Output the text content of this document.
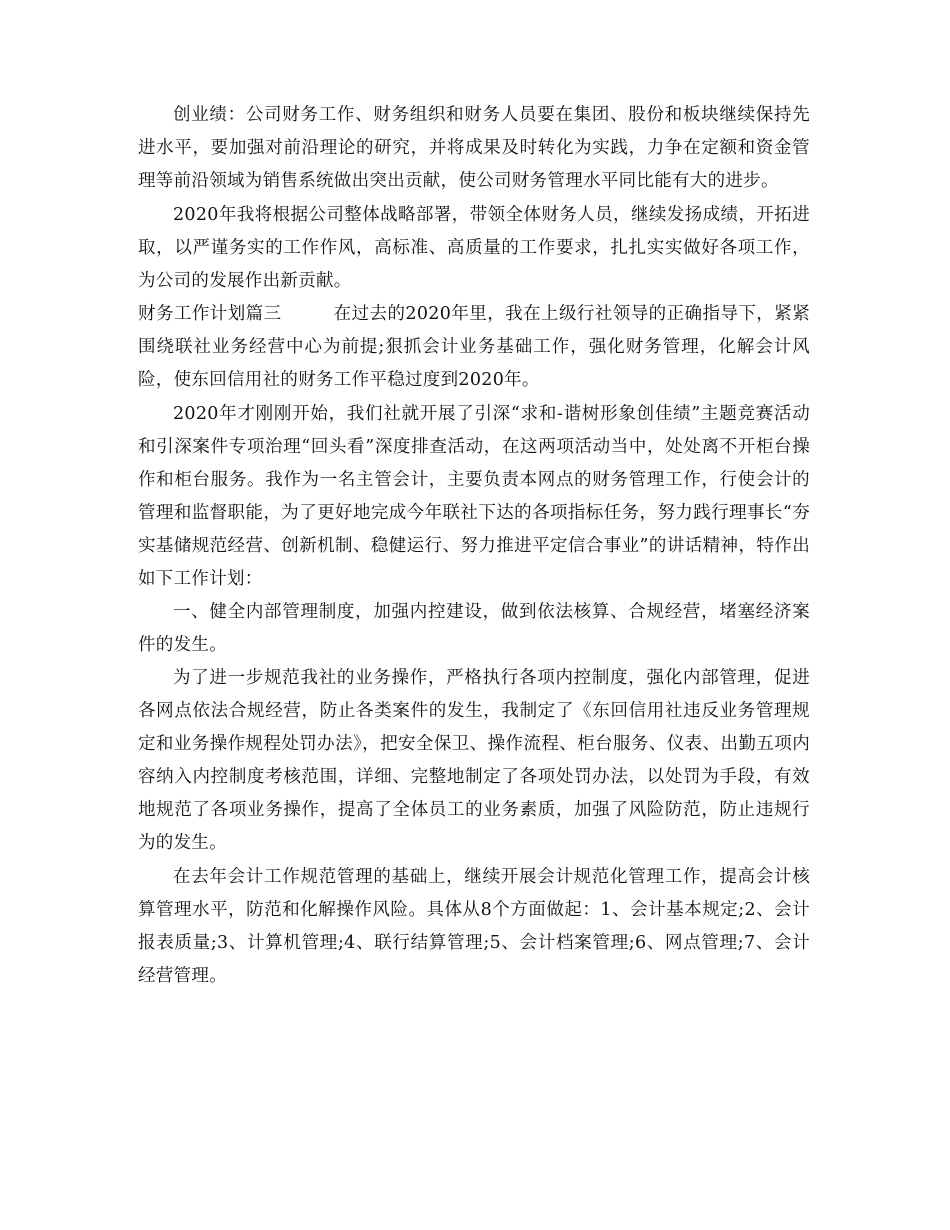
创业绩：公司财务工作、财务组织和财务人员要在集团、股份和板块继续保持先进水平，要加强对前沿理论的研究，并将成果及时转化为实践，力争在定额和资金管理等前沿领域为销售系统做出突出贡献，使公司财务管理水平同比能有大的进步。

2020年我将根据公司整体战略部署，带领全体财务人员，继续发扬成绩，开拓进取，以严谨务实的工作作风，高标准、高质量的工作要求，扎扎实实做好各项工作，为公司的发展作出新贡献。

财务工作计划篇三	在过去的2020年里，我在上级行社领导的正确指导下，紧紧围绕联社业务经营中心为前提;狠抓会计业务基础工作，强化财务管理，化解会计风险，使东回信用社的财务工作平稳过度到2020年。

2020年才刚刚开始，我们社就开展了引深“求和-谐树形象创佳绩”主题竞赛活动和引深案件专项治理“回头看”深度排查活动，在这两项活动当中，处处离不开柜台操作和柜台服务。我作为一名主管会计，主要负责本网点的财务管理工作，行使会计的管理和监督职能，为了更好地完成今年联社下达的各项指标任务，努力践行理事长“夯实基储规范经营、创新机制、稳健运行、努力推进平定信合事业”的讲话精神，特作出如下工作计划：

一、健全内部管理制度，加强内控建设，做到依法核算、合规经营，堵塞经济案件的发生。

为了进一步规范我社的业务操作，严格执行各项内控制度，强化内部管理，促进各网点依法合规经营，防止各类案件的发生，我制定了《东回信用社违反业务管理规定和业务操作规程处罚办法》，把安全保卫、操作流程、柜台服务、仪表、出勤五项内容纳入内控制度考核范围，详细、完整地制定了各项处罚办法，以处罚为手段，有效地规范了各项业务操作，提高了全体员工的业务素质，加强了风险防范，防止违规行为的发生。

在去年会计工作规范管理的基础上，继续开展会计规范化管理工作，提高会计核算管理水平，防范和化解操作风险。具体从8个方面做起：1、会计基本规定;2、会计报表质量;3、计算机管理;4、联行结算管理;5、会计档案管理;6、网点管理;7、会计经营管理。
